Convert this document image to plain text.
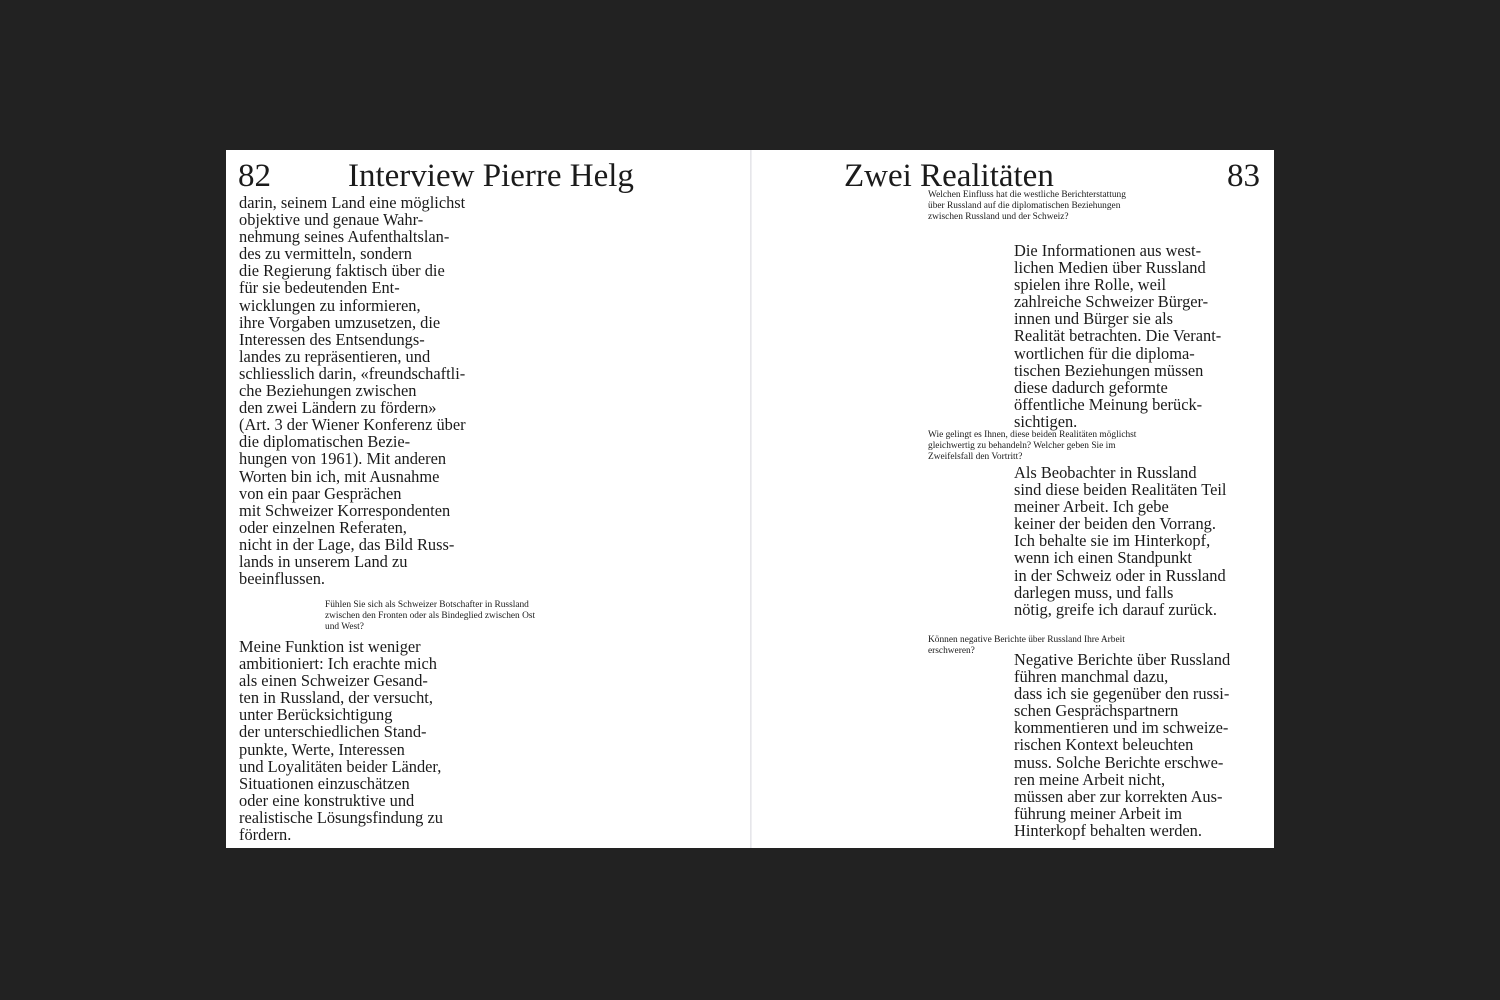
82 Interview Pierre Helg

darin, seinem Land eine möglichst
objektive und genaue Wahr-
nehmung seines Aufenthaltslan-
des zu vermitteln, sondern
die Regierung faktisch über die
für sie bedeutenden Ent-
wicklungen zu informieren,
ihre Vorgaben umzusetzen, die
Interessen des Entsendungs-
landes zu repräsentieren, und
schliesslich darin, «freundschaftli-
che Beziehungen zwischen
den zwei Ländern zu fördern»
(Art. 3 der Wiener Konferenz über
die diplomatischen Bezie-
hungen von 1961). Mit anderen
Worten bin ich, mit Ausnahme
von ein paar Gesprächen
mit Schweizer Korrespondenten
oder einzelnen Referaten,
nicht in der Lage, das Bild Russ-
lands in unserem Land zu
beeinflussen.

Fühlen Sie sich als Schweizer Botschafter in Russland
zwischen den Fronten oder als Bindeglied zwischen Ost
und West?

Meine Funktion ist weniger
ambitioniert: Ich erachte mich
als einen Schweizer Gesand-
ten in Russland, der versucht,
unter Berücksichtigung
der unterschiedlichen Stand-
punkte, Werte, Interessen
und Loyalitäten beider Länder,
Situationen einzuschätzen
oder eine konstruktive und
realistische Lösungsfindung zu
fördern.

Zwei Realitäten	83

Welchen Einfluss hat die westliche Berichterstattung
über Russland auf die diplomatischen Beziehungen
zwischen Russland und der Schweiz?

Die Informationen aus west-
lichen Medien über Russland
spielen ihre Rolle, weil
zahlreiche Schweizer Bürger-
innen und Bürger sie als
Realität betrachten. Die Verant-
wortlichen für die diploma-
tischen Beziehungen müssen
diese dadurch geformte
öffentliche Meinung berück-
sichtigen.

Wie gelingt es Ihnen, diese beiden Realitäten möglichst
gleichwertig zu behandeln? Welcher geben Sie im
Zweifelsfall den Vortritt?

Als Beobachter in Russland
sind diese beiden Realitäten Teil
meiner Arbeit. Ich gebe
keiner der beiden den Vorrang.
Ich behalte sie im Hinterkopf,
wenn ich einen Standpunkt
in der Schweiz oder in Russland
darlegen muss, und falls
nötig, greife ich darauf zurück.

Können negative Berichte über Russland Ihre Arbeit
erschweren?	Negative Berichte über Russland
führen manchmal dazu,
dass ich sie gegenüber den russi-
schen Gesprächspartnern
kommentieren und im schweize-
rischen Kontext beleuchten
muss. Solche Berichte erschwe-
ren meine Arbeit nicht,
müssen aber zur korrekten Aus-
führung meiner Arbeit im
Hinterkopf behalten werden.
